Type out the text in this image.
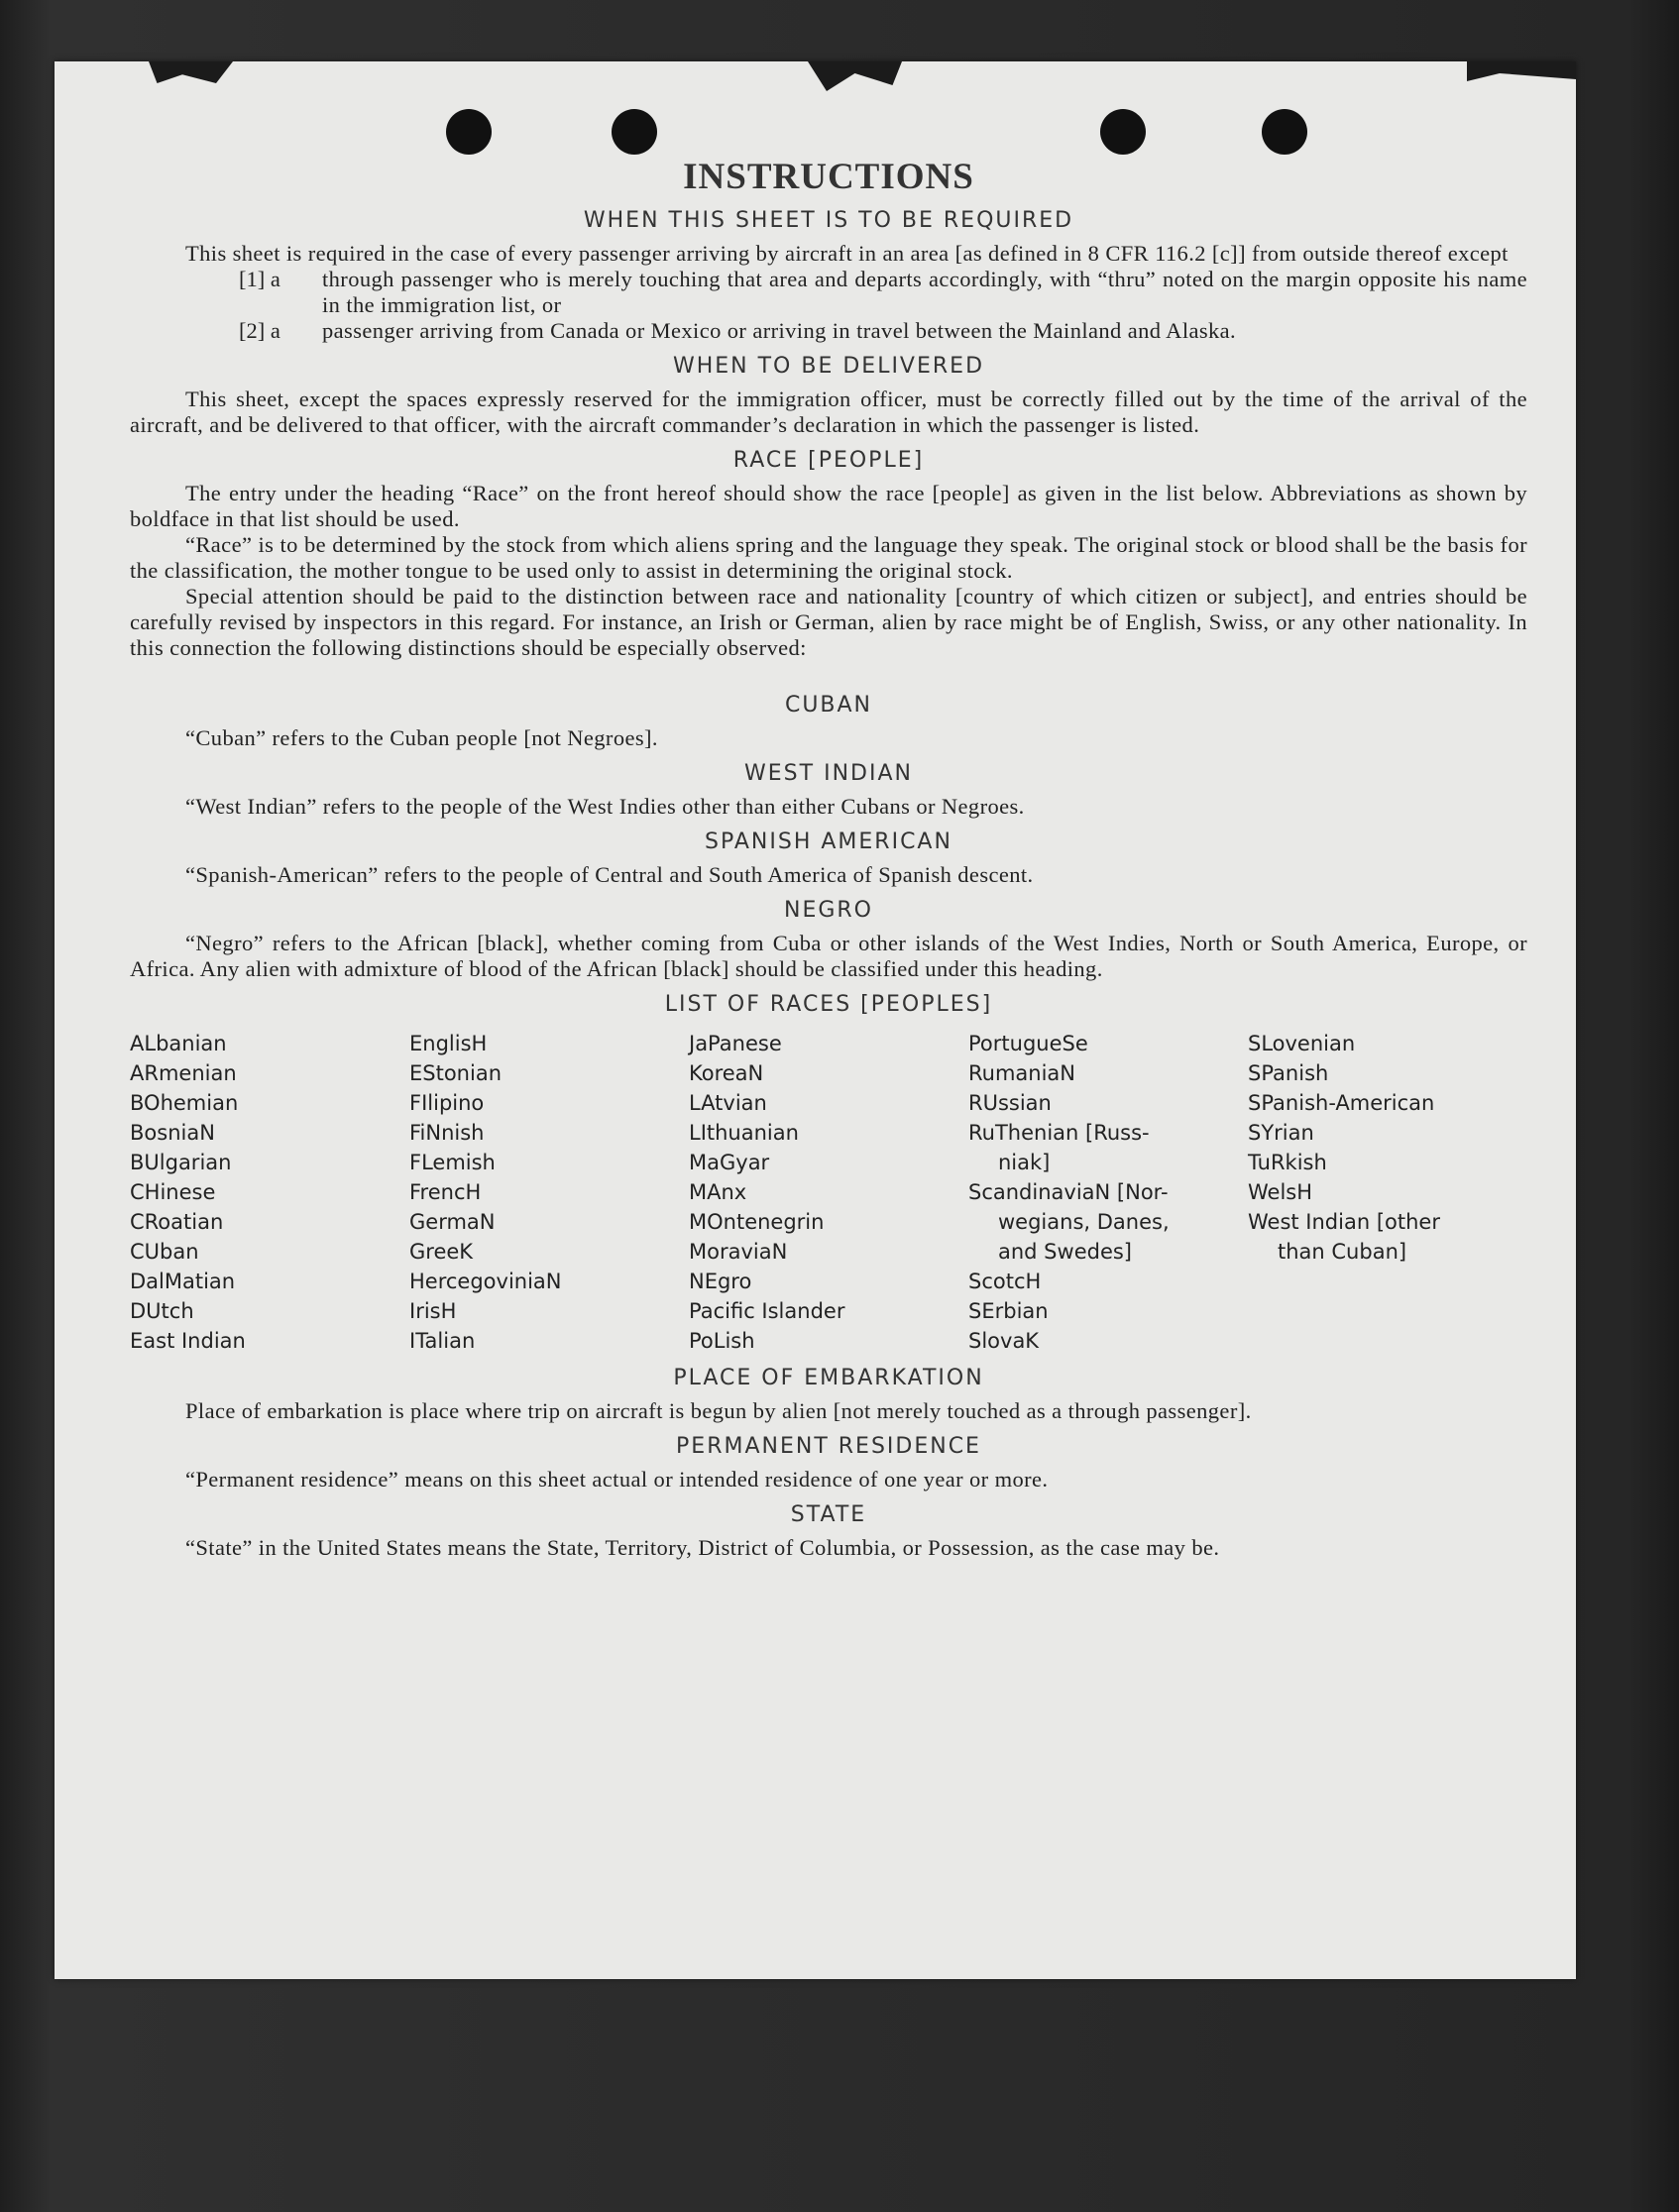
INSTRUCTIONS
WHEN THIS SHEET IS TO BE REQUIRED

This sheet is required in the case of every passenger arriving by aircraft in an area [as defined in 8 CFR 116.2 [c]] from outside thereof except

[1] a	through passenger who is merely touching that area and departs accordingly, with “thru” noted on the margin opposite his name in the immigration list, or
[2] a	passenger arriving from Canada or Mexico or arriving in travel between the Mainland and Alaska.
WHEN TO BE DELIVERED

This sheet, except the spaces expressly reserved for the immigration officer, must be correctly filled out by the time of the arrival of the aircraft, and be delivered to that officer, with the aircraft commander’s declaration in which the passenger is listed.

RACE [PEOPLE]

The entry under the heading “Race” on the front hereof should show the race [people] as given in the list below. Abbreviations as shown by boldface in that list should be used.

“Race” is to be determined by the stock from which aliens spring and the language they speak. The original stock or blood shall be the basis for the classification, the mother tongue to be used only to assist in determining the original stock.

Special attention should be paid to the distinction between race and nationality [country of which citizen or subject], and entries should be carefully revised by inspectors in this regard. For instance, an Irish or German, alien by race might be of English, Swiss, or any other nationality. In this connection the following distinctions should be especially observed:

CUBAN

“Cuban” refers to the Cuban people [not Negroes].

WEST INDIAN

“West Indian” refers to the people of the West Indies other than either Cubans or Negroes.

SPANISH AMERICAN

“Spanish-American” refers to the people of Central and South America of Spanish descent.

NEGRO

“Negro” refers to the African [black], whether coming from Cuba or other islands of the West Indies, North or South America, Europe, or Africa. Any alien with admixture of blood of the African [black] should be classified under this heading.

LIST OF RACES [PEOPLES]
ALbanian
ARmenian
BOhemian
BosniaN
BUlgarian
CHinese
CRoatian
CUban
DalMatian
DUtch
East Indian
EnglisH
EStonian
FIlipino
FiNnish
FLemish
FrencH
GermaN
GreeK
HercegoviniaN
IrisH
ITalian
JaPanese
KoreaN
LAtvian
LIthuanian
MaGyar
MAnx
MOntenegrin
MoraviaN
NEgro
Pacific Islander
PoLish
PortugueSe
RumaniaN
RUssian
RuThenian [Russ-
niak]
ScandinaviaN [Nor-
wegians, Danes,
and Swedes]
ScotcH
SErbian
SlovaK
SLovenian
SPanish
SPanish-American
SYrian
TuRkish
WelsH
West Indian [other
than Cuban]
PLACE OF EMBARKATION

Place of embarkation is place where trip on aircraft is begun by alien [not merely touched as a through passenger].

PERMANENT RESIDENCE

“Permanent residence” means on this sheet actual or intended residence of one year or more.

STATE

“State” in the United States means the State, Territory, District of Columbia, or Possession, as the case may be.
